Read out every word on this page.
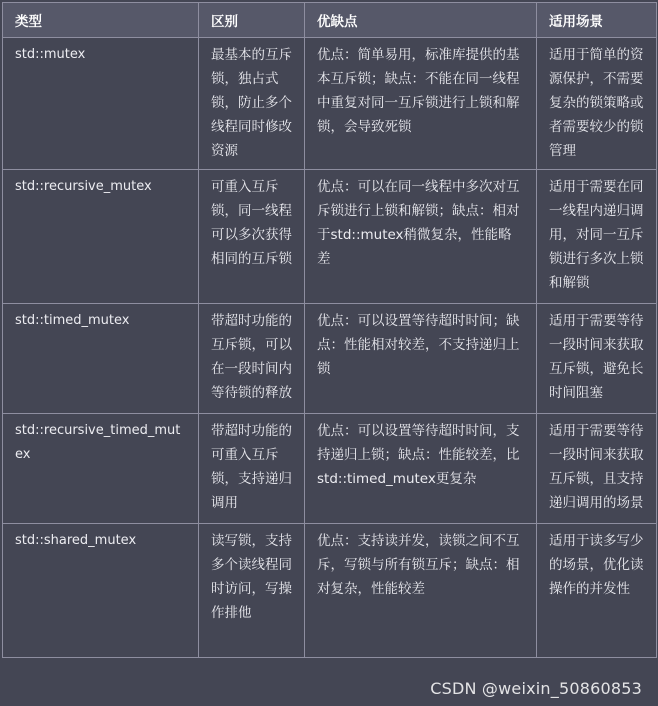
类型	区别	优缺点	适用场景
std::mutex	最基本的互斥锁，独占式锁，防止多个线程同时修改资源	优点：简单易用，标准库提供的基本互斥锁；缺点：不能在同一线程中重复对同一互斥锁进行上锁和解锁，会导致死锁	适用于简单的资源保护，不需要复杂的锁策略或者需要较少的锁管理
std::recursive_mutex	可重入互斥锁，同一线程可以多次获得相同的互斥锁	优点：可以在同一线程中多次对互斥锁进行上锁和解锁；缺点：相对于std::mutex稍微复杂，性能略差	适用于需要在同一线程内递归调用，对同一互斥锁进行多次上锁和解锁
std::timed_mutex	带超时功能的互斥锁，可以在一段时间内等待锁的释放	优点：可以设置等待超时时间；缺点：性能相对较差，不支持递归上锁	适用于需要等待一段时间来获取互斥锁，避免长时间阻塞
std::recursive_timed_mutex	带超时功能的可重入互斥锁，支持递归调用	优点：可以设置等待超时时间，支持递归上锁；缺点：性能较差，比std::timed_mutex更复杂	适用于需要等待一段时间来获取互斥锁，且支持递归调用的场景
std::shared_mutex	读写锁，支持多个读线程同时访问，写操作排他	优点：支持读并发，读锁之间不互斥，写锁与所有锁互斥；缺点：相对复杂，性能较差	适用于读多写少的场景，优化读操作的并发性
CSDN @weixin_50860853
